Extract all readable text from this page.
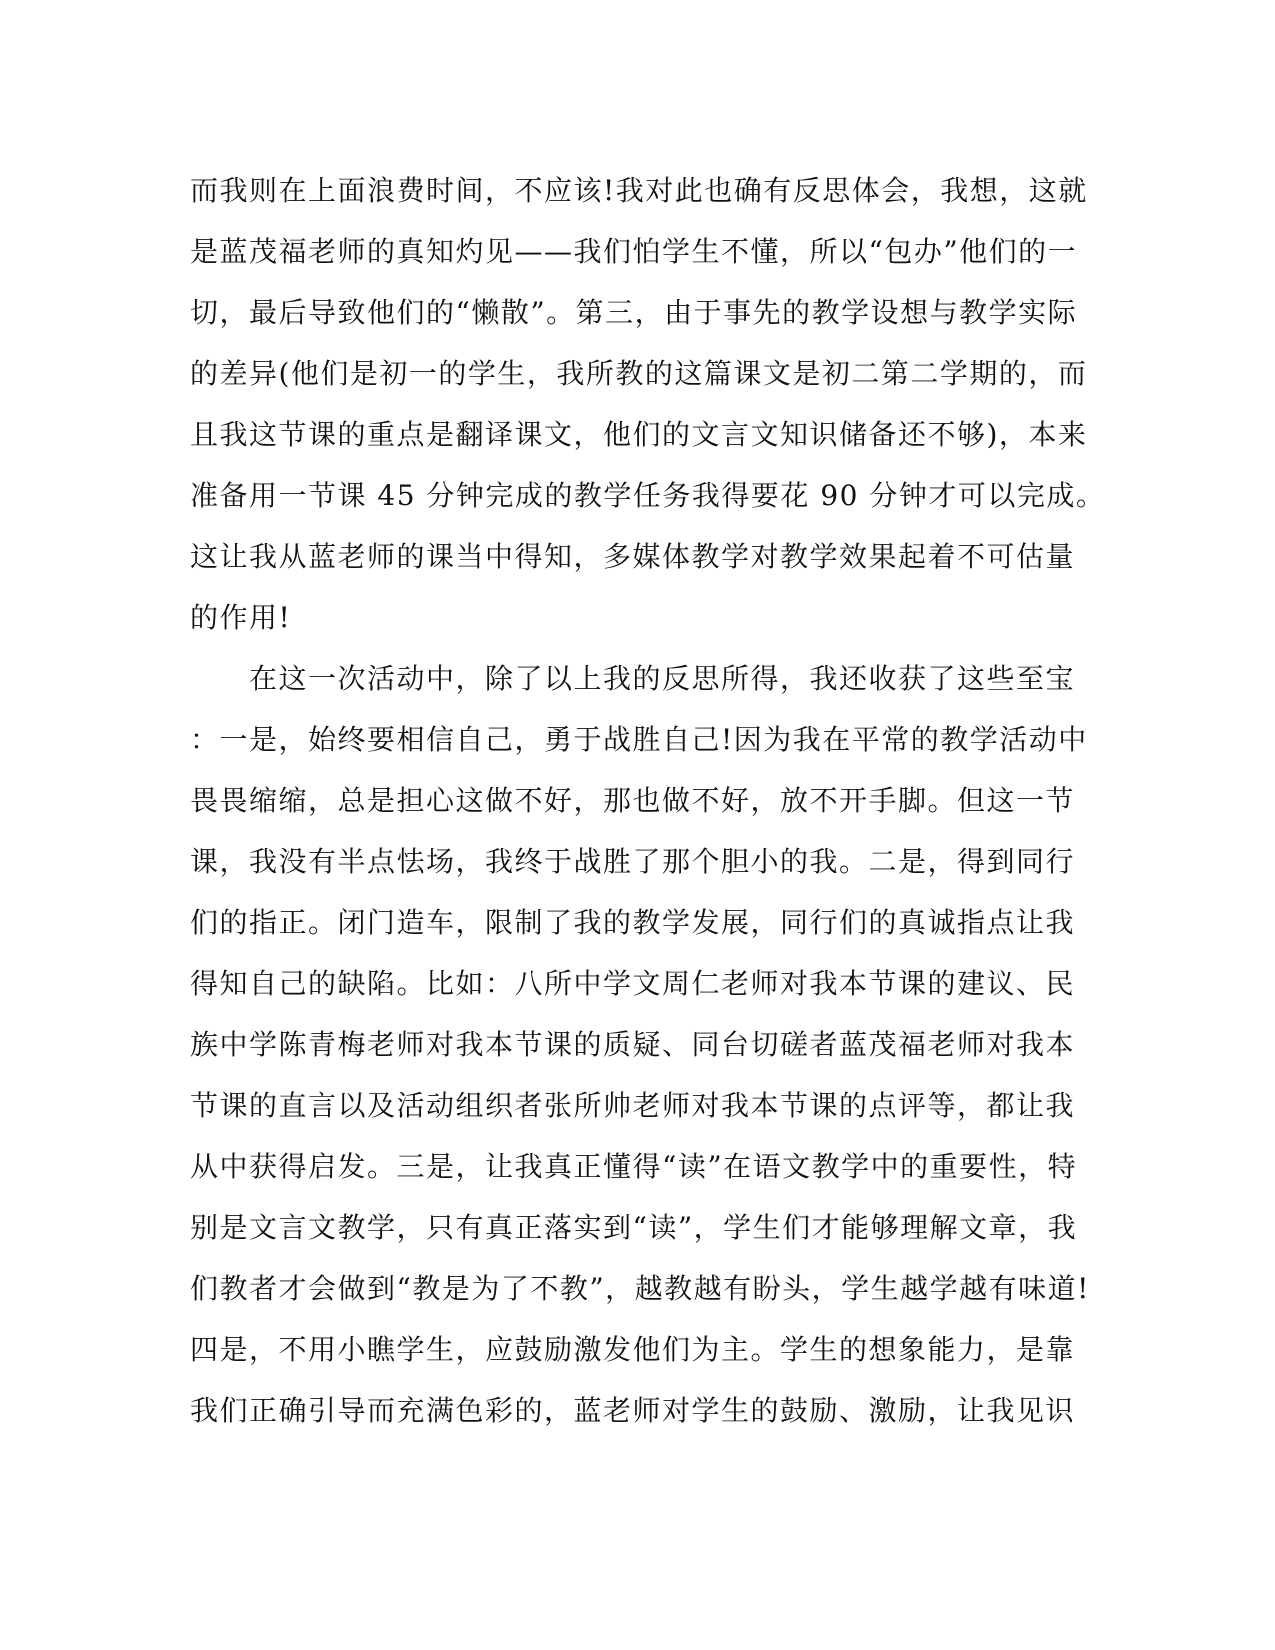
而我则在上面浪费时间，不应该!我对此也确有反思体会，我想，这就
是蓝茂福老师的真知灼见——我们怕学生不懂，所以“包办”他们的一
切，最后导致他们的“懒散”。第三，由于事先的教学设想与教学实际
的差异(他们是初一的学生，我所教的这篇课文是初二第二学期的，而
且我这节课的重点是翻译课文，他们的文言文知识储备还不够)，本来
准备用一节课 45 分钟完成的教学任务我得要花 90 分钟才可以完成。
这让我从蓝老师的课当中得知，多媒体教学对教学效果起着不可估量
的作用!
　　在这一次活动中，除了以上我的反思所得，我还收获了这些至宝
：一是，始终要相信自己，勇于战胜自己!因为我在平常的教学活动中
畏畏缩缩，总是担心这做不好，那也做不好，放不开手脚。但这一节
课，我没有半点怯场，我终于战胜了那个胆小的我。二是，得到同行
们的指正。闭门造车，限制了我的教学发展，同行们的真诚指点让我
得知自己的缺陷。比如：八所中学文周仁老师对我本节课的建议、民
族中学陈青梅老师对我本节课的质疑、同台切磋者蓝茂福老师对我本
节课的直言以及活动组织者张所帅老师对我本节课的点评等，都让我
从中获得启发。三是，让我真正懂得“读”在语文教学中的重要性，特
别是文言文教学，只有真正落实到“读”，学生们才能够理解文章，我
们教者才会做到“教是为了不教”，越教越有盼头，学生越学越有味道!
四是，不用小瞧学生，应鼓励激发他们为主。学生的想象能力，是靠
我们正确引导而充满色彩的，蓝老师对学生的鼓励、激励，让我见识
